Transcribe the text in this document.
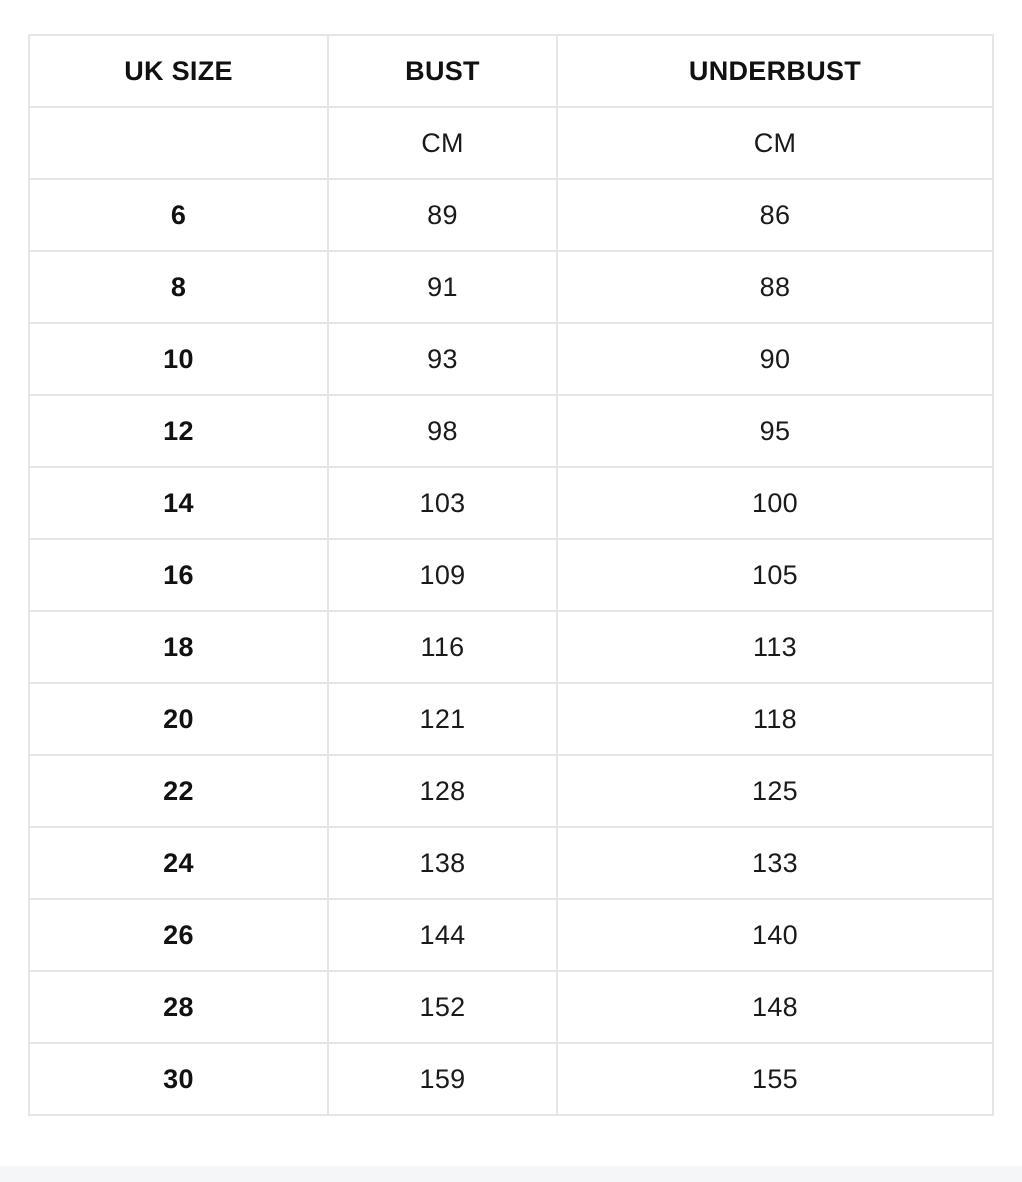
UK SIZE	BUST	UNDERBUST
	CM	CM
6	89	86
8	91	88
10	93	90
12	98	95
14	103	100
16	109	105
18	116	113
20	121	118
22	128	125
24	138	133
26	144	140
28	152	148
30	159	155
